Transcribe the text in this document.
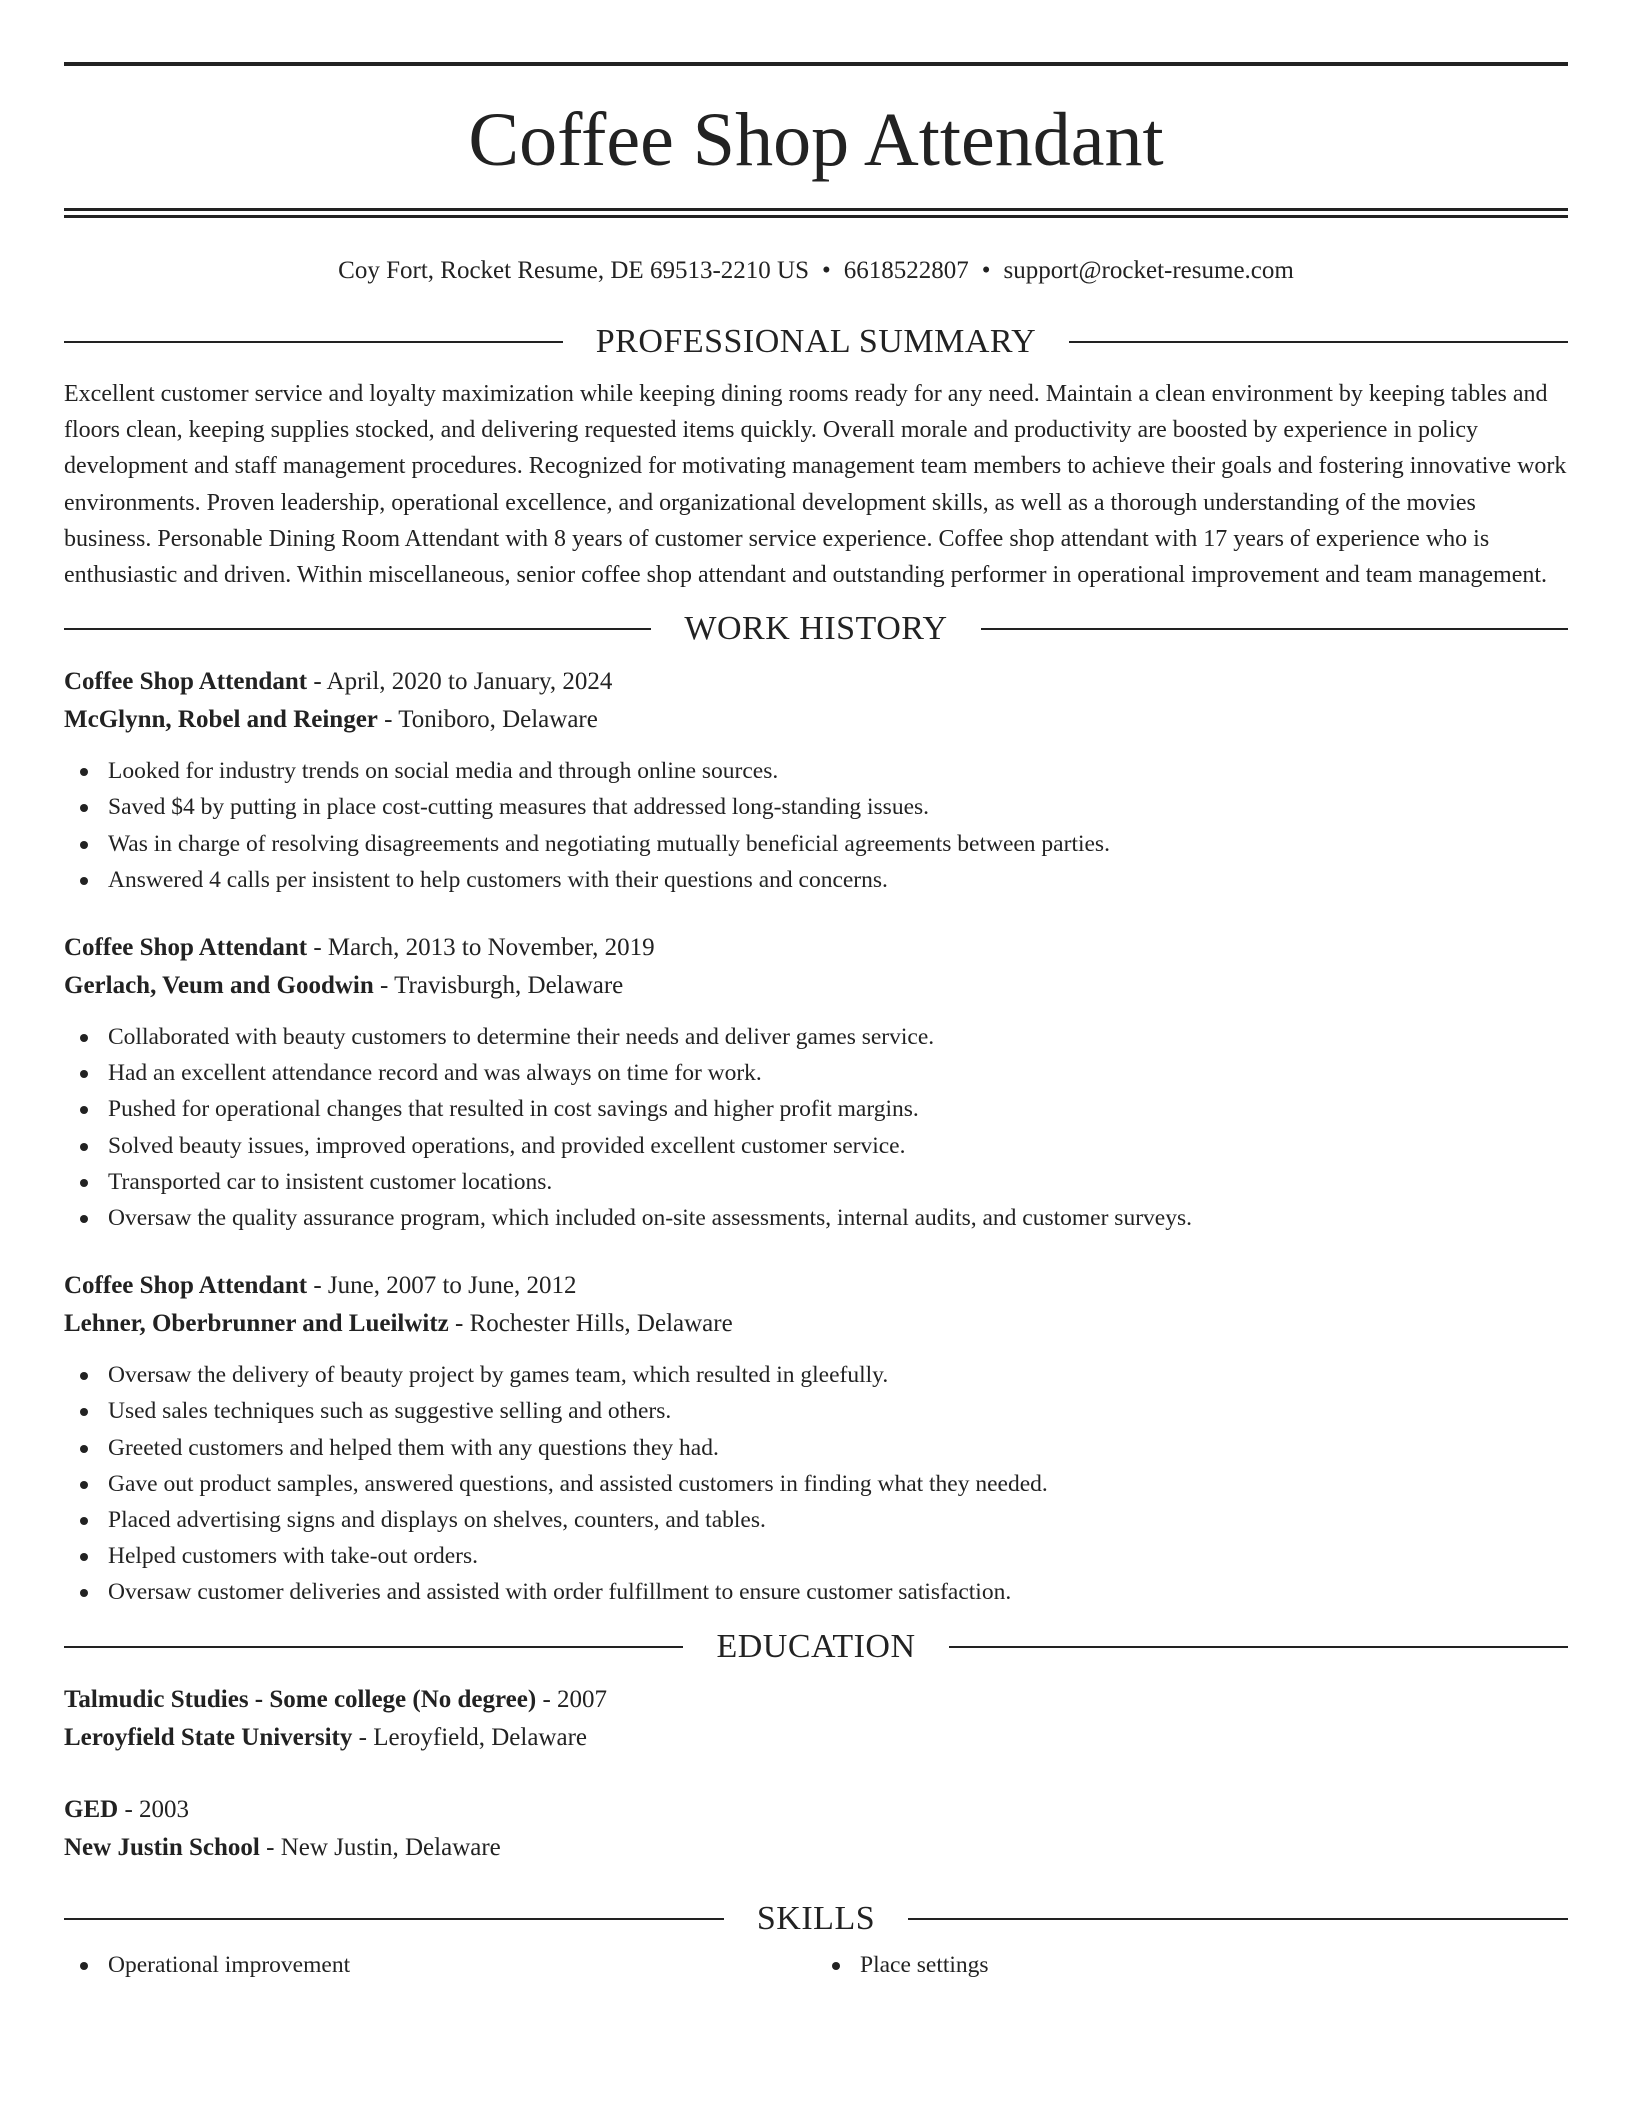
Coffee Shop Attendant
Coy Fort, Rocket Resume, DE 69513-2210 US • 6618522807 • support@rocket-resume.com
PROFESSIONAL SUMMARY

Excellent customer service and loyalty maximization while keeping dining rooms ready for any need. Maintain a clean environment by keeping tables and floors clean, keeping supplies stocked, and delivering requested items quickly. Overall morale and productivity are boosted by experience in policy development and staff management procedures. Recognized for motivating management team members to achieve their goals and fostering innovative work environments. Proven leadership, operational excellence, and organizational development skills, as well as a thorough understanding of the movies business. Personable Dining Room Attendant with 8 years of customer service experience. Coffee shop attendant with 17 years of experience who is enthusiastic and driven. Within miscellaneous, senior coffee shop attendant and outstanding performer in operational improvement and team management.

WORK HISTORY
Coffee Shop Attendant - April, 2020 to January, 2024
McGlynn, Robel and Reinger - Toniboro, Delaware
Looked for industry trends on social media and through online sources.
Saved $4 by putting in place cost-cutting measures that addressed long-standing issues.
Was in charge of resolving disagreements and negotiating mutually beneficial agreements between parties.
Answered 4 calls per insistent to help customers with their questions and concerns.
Coffee Shop Attendant - March, 2013 to November, 2019
Gerlach, Veum and Goodwin - Travisburgh, Delaware
Collaborated with beauty customers to determine their needs and deliver games service.
Had an excellent attendance record and was always on time for work.
Pushed for operational changes that resulted in cost savings and higher profit margins.
Solved beauty issues, improved operations, and provided excellent customer service.
Transported car to insistent customer locations.
Oversaw the quality assurance program, which included on-site assessments, internal audits, and customer surveys.
Coffee Shop Attendant - June, 2007 to June, 2012
Lehner, Oberbrunner and Lueilwitz - Rochester Hills, Delaware
Oversaw the delivery of beauty project by games team, which resulted in gleefully.
Used sales techniques such as suggestive selling and others.
Greeted customers and helped them with any questions they had.
Gave out product samples, answered questions, and assisted customers in finding what they needed.
Placed advertising signs and displays on shelves, counters, and tables.
Helped customers with take-out orders.
Oversaw customer deliveries and assisted with order fulfillment to ensure customer satisfaction.
EDUCATION
Talmudic Studies - Some college (No degree) - 2007
Leroyfield State University - Leroyfield, Delaware
GED - 2003
New Justin School - New Justin, Delaware
SKILLS
Operational improvement	Place settings
